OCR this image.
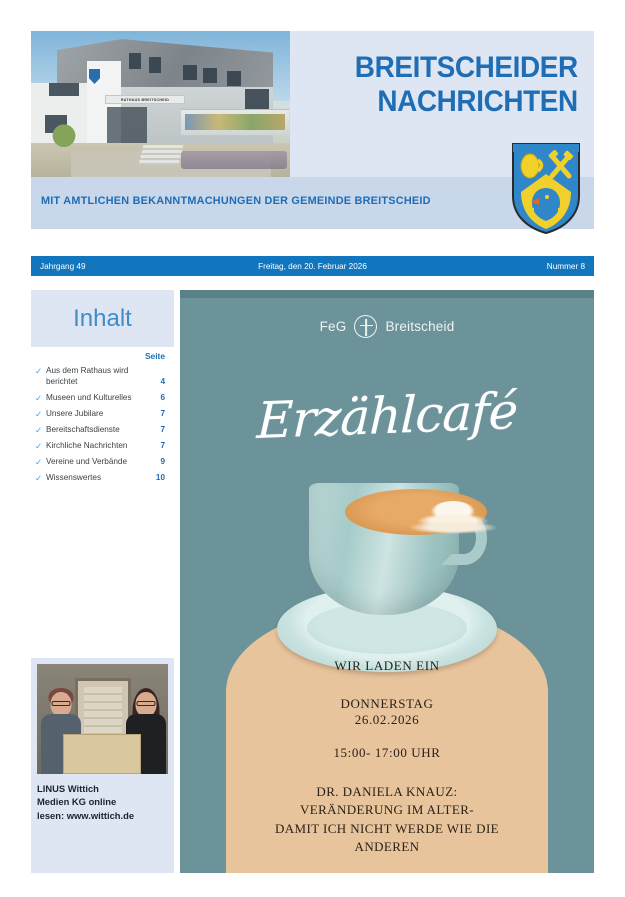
RATHAUS BREITSCHEID
BREITSCHEIDER
NACHRICHTEN
MIT AMTLICHEN BEKANNTMACHUNGEN DER GEMEINDE BREITSCHEID
Jahrgang 49	Freitag, den 20. Februar 2026	Nummer 8
Inhalt
Seite
✓ Aus dem Rathaus wird berichtet	4
✓ Museen und Kulturelles	6
✓ Unsere Jubilare	7
✓ Bereitschaftsdienste	7
✓ Kirchliche Nachrichten	7
✓ Vereine und Verbände	9
✓ Wissenswertes	10
LINUS Wittich
Medien KG online
lesen: www.wittich.de
FeG	Breitscheid
Erzählcafé
WIR LADEN EIN
DONNERSTAG
26.02.2026
15:00- 17:00 UHR
DR. DANIELA KNAUZ:
VERÄNDERUNG IM ALTER-
DAMIT ICH NICHT WERDE WIE DIE
ANDEREN
